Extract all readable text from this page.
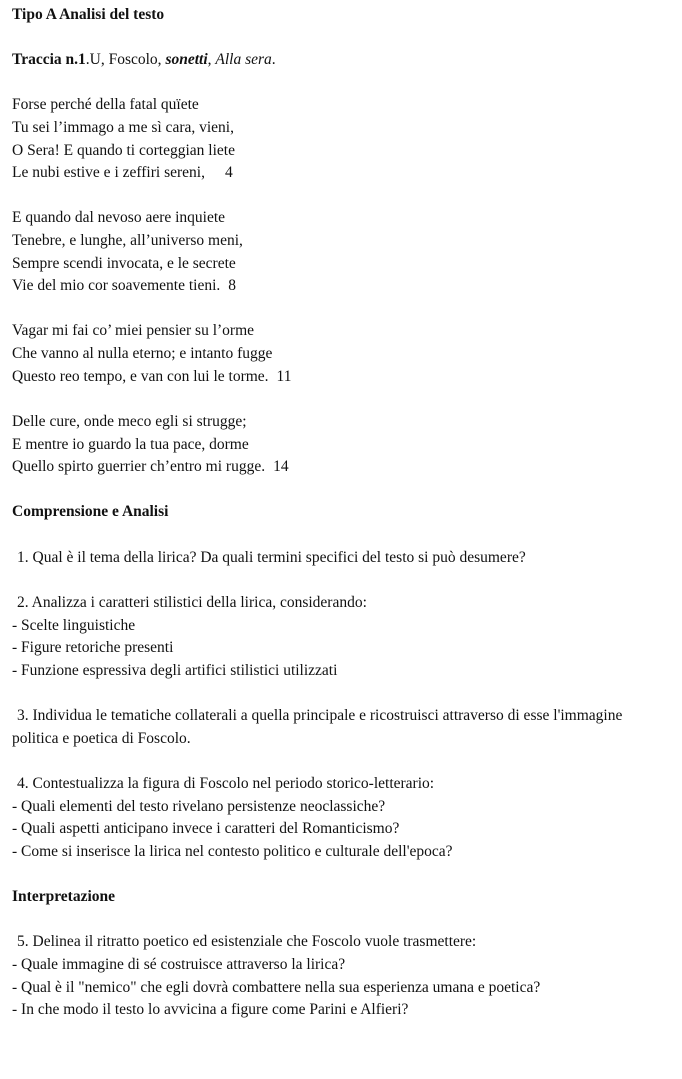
Tipo A Analisi del testo
Traccia n.1.U, Foscolo, sonetti, Alla sera.
Forse perché della fatal quïete
Tu sei l’immago a me sì cara, vieni,
O Sera! E quando ti corteggian liete
Le nubi estive e i zeffiri sereni, 4
E quando dal nevoso aere inquiete
Tenebre, e lunghe, all’universo meni,
Sempre scendi invocata, e le secrete
Vie del mio cor soavemente tieni. 8
Vagar mi fai co’ miei pensier su l’orme
Che vanno al nulla eterno; e intanto fugge
Questo reo tempo, e van con lui le torme. 11
Delle cure, onde meco egli si strugge;
E mentre io guardo la tua pace, dorme
Quello spirto guerrier ch’entro mi rugge. 14
Comprensione e Analisi
1. Qual è il tema della lirica? Da quali termini specifici del testo si può desumere?
2. Analizza i caratteri stilistici della lirica, considerando:
- Scelte linguistiche
- Figure retoriche presenti
- Funzione espressiva degli artifici stilistici utilizzati
3. Individua le tematiche collaterali a quella principale e ricostruisci attraverso di esse l'immagine
politica e poetica di Foscolo.
4. Contestualizza la figura di Foscolo nel periodo storico-letterario:
- Quali elementi del testo rivelano persistenze neoclassiche?
- Quali aspetti anticipano invece i caratteri del Romanticismo?
- Come si inserisce la lirica nel contesto politico e culturale dell'epoca?
Interpretazione
5. Delinea il ritratto poetico ed esistenziale che Foscolo vuole trasmettere:
- Quale immagine di sé costruisce attraverso la lirica?
- Qual è il "nemico" che egli dovrà combattere nella sua esperienza umana e poetica?
- In che modo il testo lo avvicina a figure come Parini e Alfieri?
